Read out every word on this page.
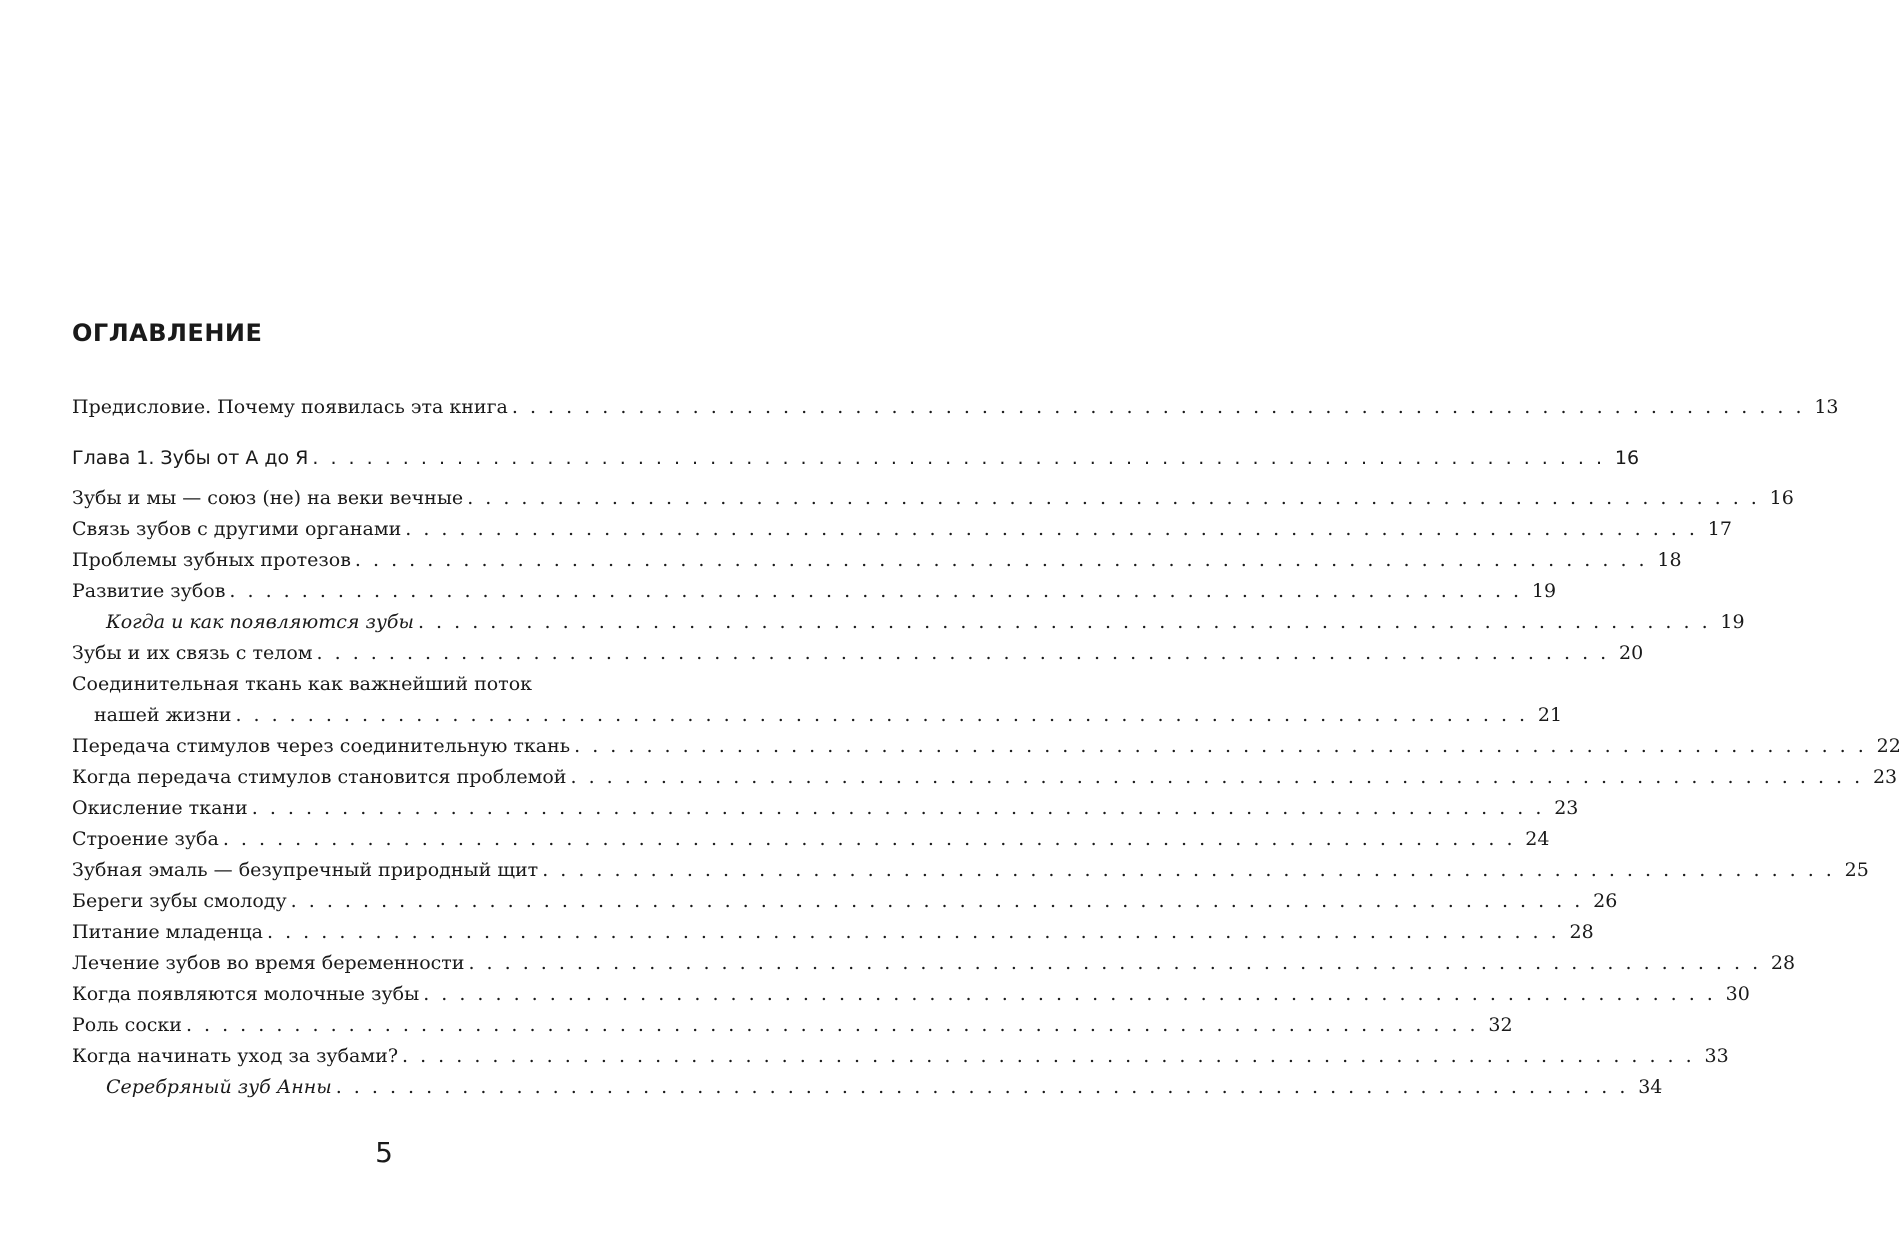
ОГЛАВЛЕНИЕ
Предисловие. Почему появилась эта книга . . . . . . . . . . . . . . . . . . . . . . . . . . . . . . . . . . . . . . . . . . . . . . . . . . . . . . . . . . . . . . . . . . . . . . . . 13
Глава 1. Зубы от А до Я . . . . . . . . . . . . . . . . . . . . . . . . . . . . . . . . . . . . . . . . . . . . . . . . . . . . . . . . . . . . . . . . . . . . . . . . 16
Зубы и мы — союз (не) на веки вечные . . . . . . . . . . . . . . . . . . . . . . . . . . . . . . . . . . . . . . . . . . . . . . . . . . . . . . . . . . . . . . . . . . . . . . . . 16
Связь зубов с другими органами . . . . . . . . . . . . . . . . . . . . . . . . . . . . . . . . . . . . . . . . . . . . . . . . . . . . . . . . . . . . . . . . . . . . . . . . 17
Проблемы зубных протезов . . . . . . . . . . . . . . . . . . . . . . . . . . . . . . . . . . . . . . . . . . . . . . . . . . . . . . . . . . . . . . . . . . . . . . . . 18
Развитие зубов . . . . . . . . . . . . . . . . . . . . . . . . . . . . . . . . . . . . . . . . . . . . . . . . . . . . . . . . . . . . . . . . . . . . . . . . 19
Когда и как появляются зубы . . . . . . . . . . . . . . . . . . . . . . . . . . . . . . . . . . . . . . . . . . . . . . . . . . . . . . . . . . . . . . . . . . . . . . . . 19
Зубы и их связь с телом . . . . . . . . . . . . . . . . . . . . . . . . . . . . . . . . . . . . . . . . . . . . . . . . . . . . . . . . . . . . . . . . . . . . . . . . 20
Соединительная ткань как важнейший поток
нашей жизни . . . . . . . . . . . . . . . . . . . . . . . . . . . . . . . . . . . . . . . . . . . . . . . . . . . . . . . . . . . . . . . . . . . . . . . . 21
Передача стимулов через соединительную ткань . . . . . . . . . . . . . . . . . . . . . . . . . . . . . . . . . . . . . . . . . . . . . . . . . . . . . . . . . . . . . . . . . . . . . . . . 22
Когда передача стимулов становится проблемой . . . . . . . . . . . . . . . . . . . . . . . . . . . . . . . . . . . . . . . . . . . . . . . . . . . . . . . . . . . . . . . . . . . . . . . . 23
Окисление ткани . . . . . . . . . . . . . . . . . . . . . . . . . . . . . . . . . . . . . . . . . . . . . . . . . . . . . . . . . . . . . . . . . . . . . . . . 23
Строение зуба . . . . . . . . . . . . . . . . . . . . . . . . . . . . . . . . . . . . . . . . . . . . . . . . . . . . . . . . . . . . . . . . . . . . . . . . 24
Зубная эмаль — безупречный природный щит . . . . . . . . . . . . . . . . . . . . . . . . . . . . . . . . . . . . . . . . . . . . . . . . . . . . . . . . . . . . . . . . . . . . . . . . 25
Береги зубы смолоду . . . . . . . . . . . . . . . . . . . . . . . . . . . . . . . . . . . . . . . . . . . . . . . . . . . . . . . . . . . . . . . . . . . . . . . . 26
Питание младенца . . . . . . . . . . . . . . . . . . . . . . . . . . . . . . . . . . . . . . . . . . . . . . . . . . . . . . . . . . . . . . . . . . . . . . . . 28
Лечение зубов во время беременности . . . . . . . . . . . . . . . . . . . . . . . . . . . . . . . . . . . . . . . . . . . . . . . . . . . . . . . . . . . . . . . . . . . . . . . . 28
Когда появляются молочные зубы . . . . . . . . . . . . . . . . . . . . . . . . . . . . . . . . . . . . . . . . . . . . . . . . . . . . . . . . . . . . . . . . . . . . . . . . 30
Роль соски . . . . . . . . . . . . . . . . . . . . . . . . . . . . . . . . . . . . . . . . . . . . . . . . . . . . . . . . . . . . . . . . . . . . . . . . 32
Когда начинать уход за зубами? . . . . . . . . . . . . . . . . . . . . . . . . . . . . . . . . . . . . . . . . . . . . . . . . . . . . . . . . . . . . . . . . . . . . . . . . 33
Серебряный зуб Анны . . . . . . . . . . . . . . . . . . . . . . . . . . . . . . . . . . . . . . . . . . . . . . . . . . . . . . . . . . . . . . . . . . . . . . . . 34
5
